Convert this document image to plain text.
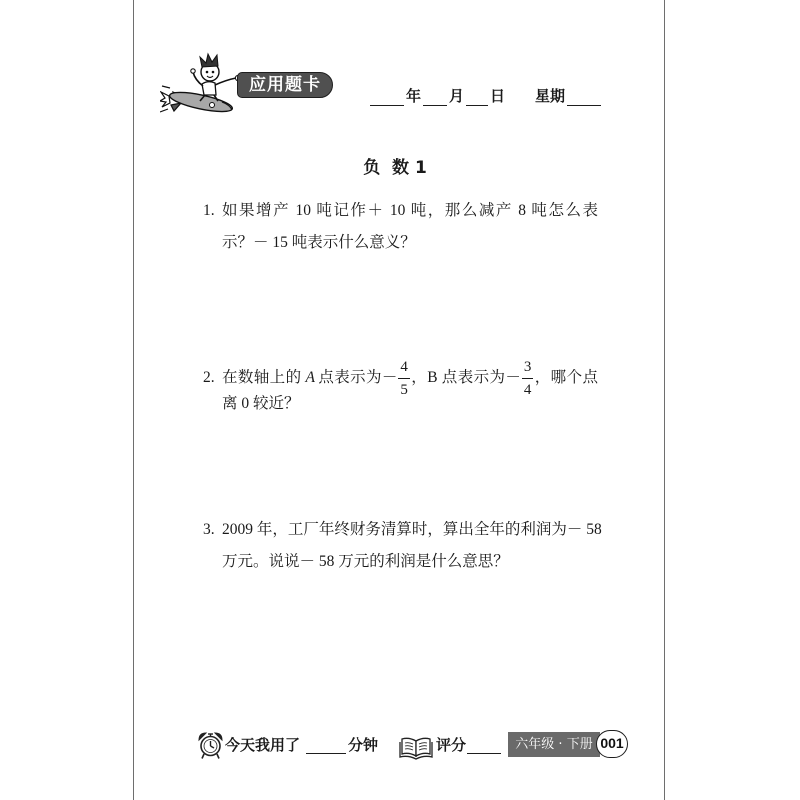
应用题卡
年 月 日 星期
负  数 1
1. 如果增产 10 吨记作＋ 10 吨，那么减产 8 吨怎么表
示？－ 15 吨表示什么意义？
2. 在数轴上的 A 点表示为－ $\frac{4}{5}$ ，B 点表示为－ $\frac{3}{4}$ ，哪个点
离 0 较近？
3. 2009 年，工厂年终财务清算时，算出全年的利润为－ 58
万元。说说－ 58 万元的利润是什么意思？
今天我用了	分钟	评分	六年级 · 下册 001
